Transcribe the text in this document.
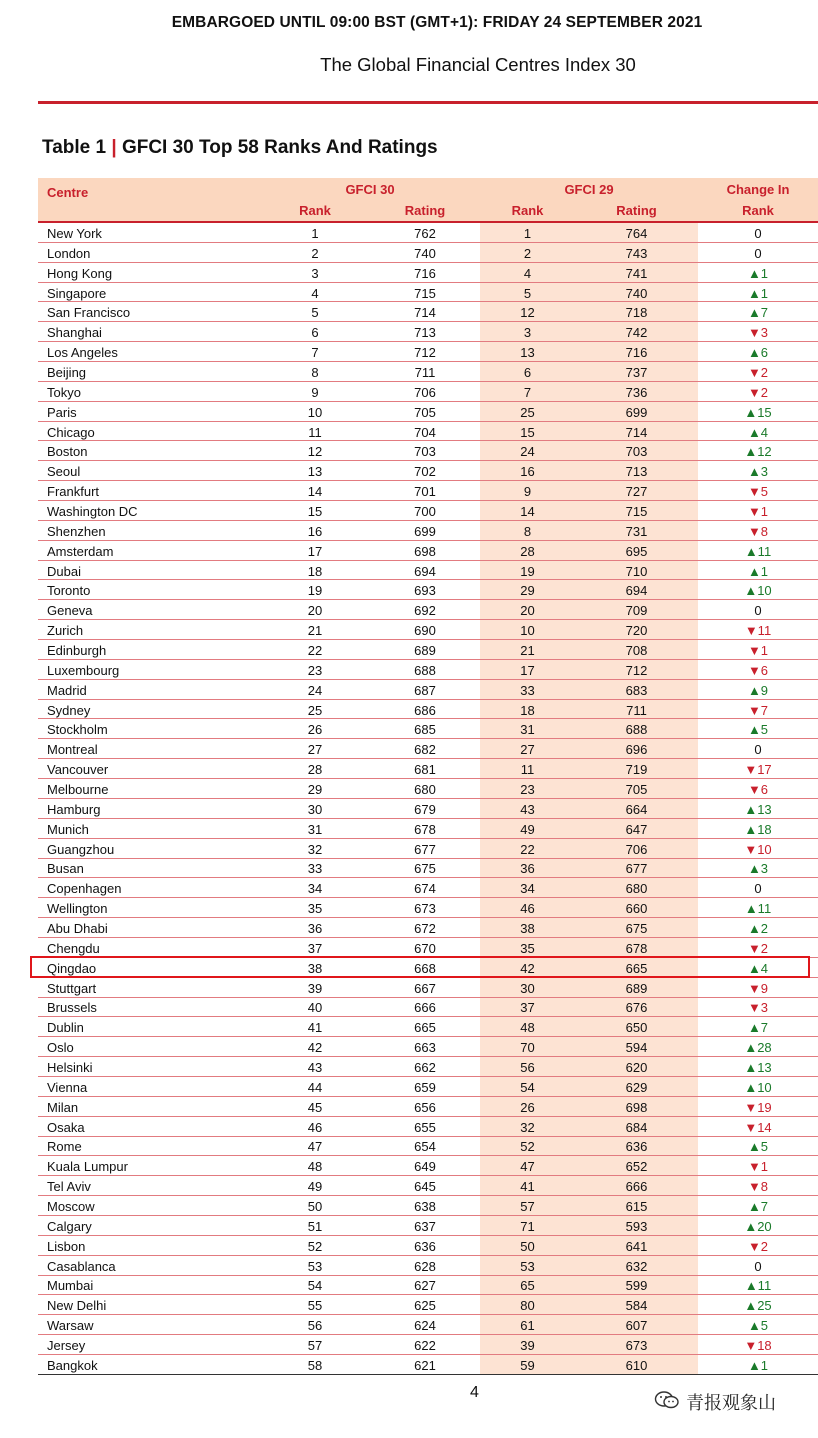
EMBARGOED UNTIL 09:00 BST (GMT+1): FRIDAY 24 SEPTEMBER 2021
The Global Financial Centres Index 30
Table 1 | GFCI 30 Top 58 Ranks And Ratings
Centre	GFCI 30	GFCI 29	Change In
Rank	Rating	Rank	Rating	Rank
New York	1	762	1	764	0
London	2	740	2	743	0
Hong Kong	3	716	4	741	▲1
Singapore	4	715	5	740	▲1
San Francisco	5	714	12	718	▲7
Shanghai	6	713	3	742	▼3
Los Angeles	7	712	13	716	▲6
Beijing	8	711	6	737	▼2
Tokyo	9	706	7	736	▼2
Paris	10	705	25	699	▲15
Chicago	11	704	15	714	▲4
Boston	12	703	24	703	▲12
Seoul	13	702	16	713	▲3
Frankfurt	14	701	9	727	▼5
Washington DC	15	700	14	715	▼1
Shenzhen	16	699	8	731	▼8
Amsterdam	17	698	28	695	▲11
Dubai	18	694	19	710	▲1
Toronto	19	693	29	694	▲10
Geneva	20	692	20	709	0
Zurich	21	690	10	720	▼11
Edinburgh	22	689	21	708	▼1
Luxembourg	23	688	17	712	▼6
Madrid	24	687	33	683	▲9
Sydney	25	686	18	711	▼7
Stockholm	26	685	31	688	▲5
Montreal	27	682	27	696	0
Vancouver	28	681	11	719	▼17
Melbourne	29	680	23	705	▼6
Hamburg	30	679	43	664	▲13
Munich	31	678	49	647	▲18
Guangzhou	32	677	22	706	▼10
Busan	33	675	36	677	▲3
Copenhagen	34	674	34	680	0
Wellington	35	673	46	660	▲11
Abu Dhabi	36	672	38	675	▲2
Chengdu	37	670	35	678	▼2
Qingdao	38	668	42	665	▲4
Stuttgart	39	667	30	689	▼9
Brussels	40	666	37	676	▼3
Dublin	41	665	48	650	▲7
Oslo	42	663	70	594	▲28
Helsinki	43	662	56	620	▲13
Vienna	44	659	54	629	▲10
Milan	45	656	26	698	▼19
Osaka	46	655	32	684	▼14
Rome	47	654	52	636	▲5
Kuala Lumpur	48	649	47	652	▼1
Tel Aviv	49	645	41	666	▼8
Moscow	50	638	57	615	▲7
Calgary	51	637	71	593	▲20
Lisbon	52	636	50	641	▼2
Casablanca	53	628	53	632	0
Mumbai	54	627	65	599	▲11
New Delhi	55	625	80	584	▲25
Warsaw	56	624	61	607	▲5
Jersey	57	622	39	673	▼18
Bangkok	58	621	59	610	▲1
4
青报观象山
